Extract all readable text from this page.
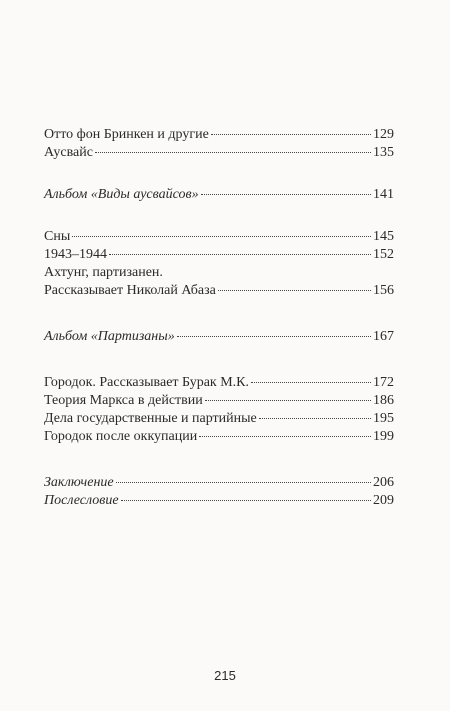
Отто фон Бринкен и другие	129
Аусвайс	135
Альбом «Виды аусвайсов»	141
Сны	145
1943–1944	152
Ахтунг, партизанен.
Рассказывает Николай Абаза	156
Альбом «Партизаны»	167
Городок. Рассказывает Бурак М.К.	172
Теория Маркса в действии	186
Дела государственные и партийные	195
Городок после оккупации	199
Заключение	206
Послесловие	209
215
